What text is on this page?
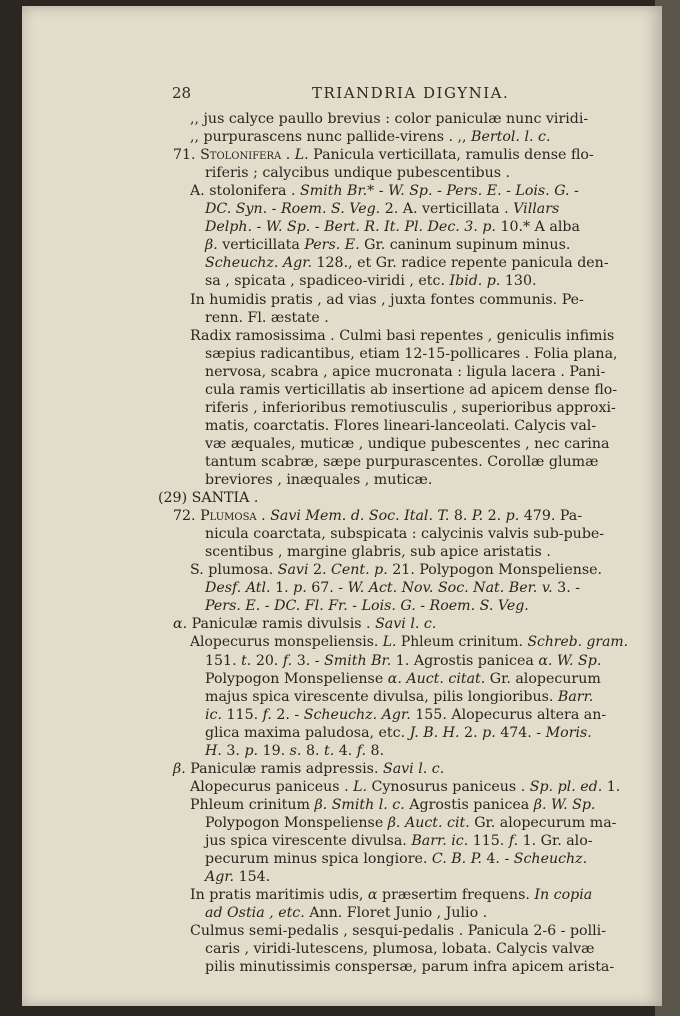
28	TRIANDRIA DIGYNIA.
,, jus calyce paullo brevius : color paniculæ nunc viridi-
,, purpurascens nunc pallide-virens . ,, Bertol. l. c.
71. Stolonifera . L. Panicula verticillata, ramulis dense flo-
riferis ; calycibus undique pubescentibus .
A. stolonifera . Smith Br.* - W. Sp. - Pers. E. - Lois. G. -
DC. Syn. - Roem. S. Veg. 2. A. verticillata . Villars
Delph. - W. Sp. - Bert. R. It. Pl. Dec. 3. p. 10.* A alba
β. verticillata Pers. E. Gr. caninum supinum minus.
Scheuchz. Agr. 128., et Gr. radice repente panicula den-
sa , spicata , spadiceo-viridi , etc. Ibid. p. 130.
In humidis pratis , ad vias , juxta fontes communis. Pe-
renn. Fl. æstate .
Radix ramosissima . Culmi basi repentes , geniculis infimis
sæpius radicantibus, etiam 12-15-pollicares . Folia plana,
nervosa, scabra , apice mucronata : ligula lacera . Pani-
cula ramis verticillatis ab insertione ad apicem dense flo-
riferis , inferioribus remotiusculis , superioribus approxi-
matis, coarctatis. Flores lineari-lanceolati. Calycis val-
væ æquales, muticæ , undique pubescentes , nec carina
tantum scabræ, sæpe purpurascentes. Corollæ glumæ
breviores , inæquales , muticæ.
(29) SANTIA .
72. Plumosa . Savi Mem. d. Soc. Ital. T. 8. P. 2. p. 479. Pa-
nicula coarctata, subspicata : calycinis valvis sub-pube-
scentibus , margine glabris, sub apice aristatis .
S. plumosa. Savi 2. Cent. p. 21. Polypogon Monspeliense.
Desf. Atl. 1. p. 67. - W. Act. Nov. Soc. Nat. Ber. v. 3. -
Pers. E. - DC. Fl. Fr. - Lois. G. - Roem. S. Veg.
α. Paniculæ ramis divulsis . Savi l. c.
Alopecurus monspeliensis. L. Phleum crinitum. Schreb. gram.
151. t. 20. f. 3. - Smith Br. 1. Agrostis panicea α. W. Sp.
Polypogon Monspeliense α. Auct. citat. Gr. alopecurum
majus spica virescente divulsa, pilis longioribus. Barr.
ic. 115. f. 2. - Scheuchz. Agr. 155. Alopecurus altera an-
glica maxima paludosa, etc. J. B. H. 2. p. 474. - Moris.
H. 3. p. 19. s. 8. t. 4. f. 8.
β. Paniculæ ramis adpressis. Savi l. c.
Alopecurus paniceus . L. Cynosurus paniceus . Sp. pl. ed. 1.
Phleum crinitum β. Smith l. c. Agrostis panicea β. W. Sp.
Polypogon Monspeliense β. Auct. cit. Gr. alopecurum ma-
jus spica virescente divulsa. Barr. ic. 115. f. 1. Gr. alo-
pecurum minus spica longiore. C. B. P. 4. - Scheuchz.
Agr. 154.
In pratis maritimis udis, α præsertim frequens. In copia
ad Ostia , etc. Ann. Floret Junio , Julio .
Culmus semi-pedalis , sesqui-pedalis . Panicula 2-6 - polli-
caris , viridi-lutescens, plumosa, lobata. Calycis valvæ
pilis minutissimis conspersæ, parum infra apicem arista-
